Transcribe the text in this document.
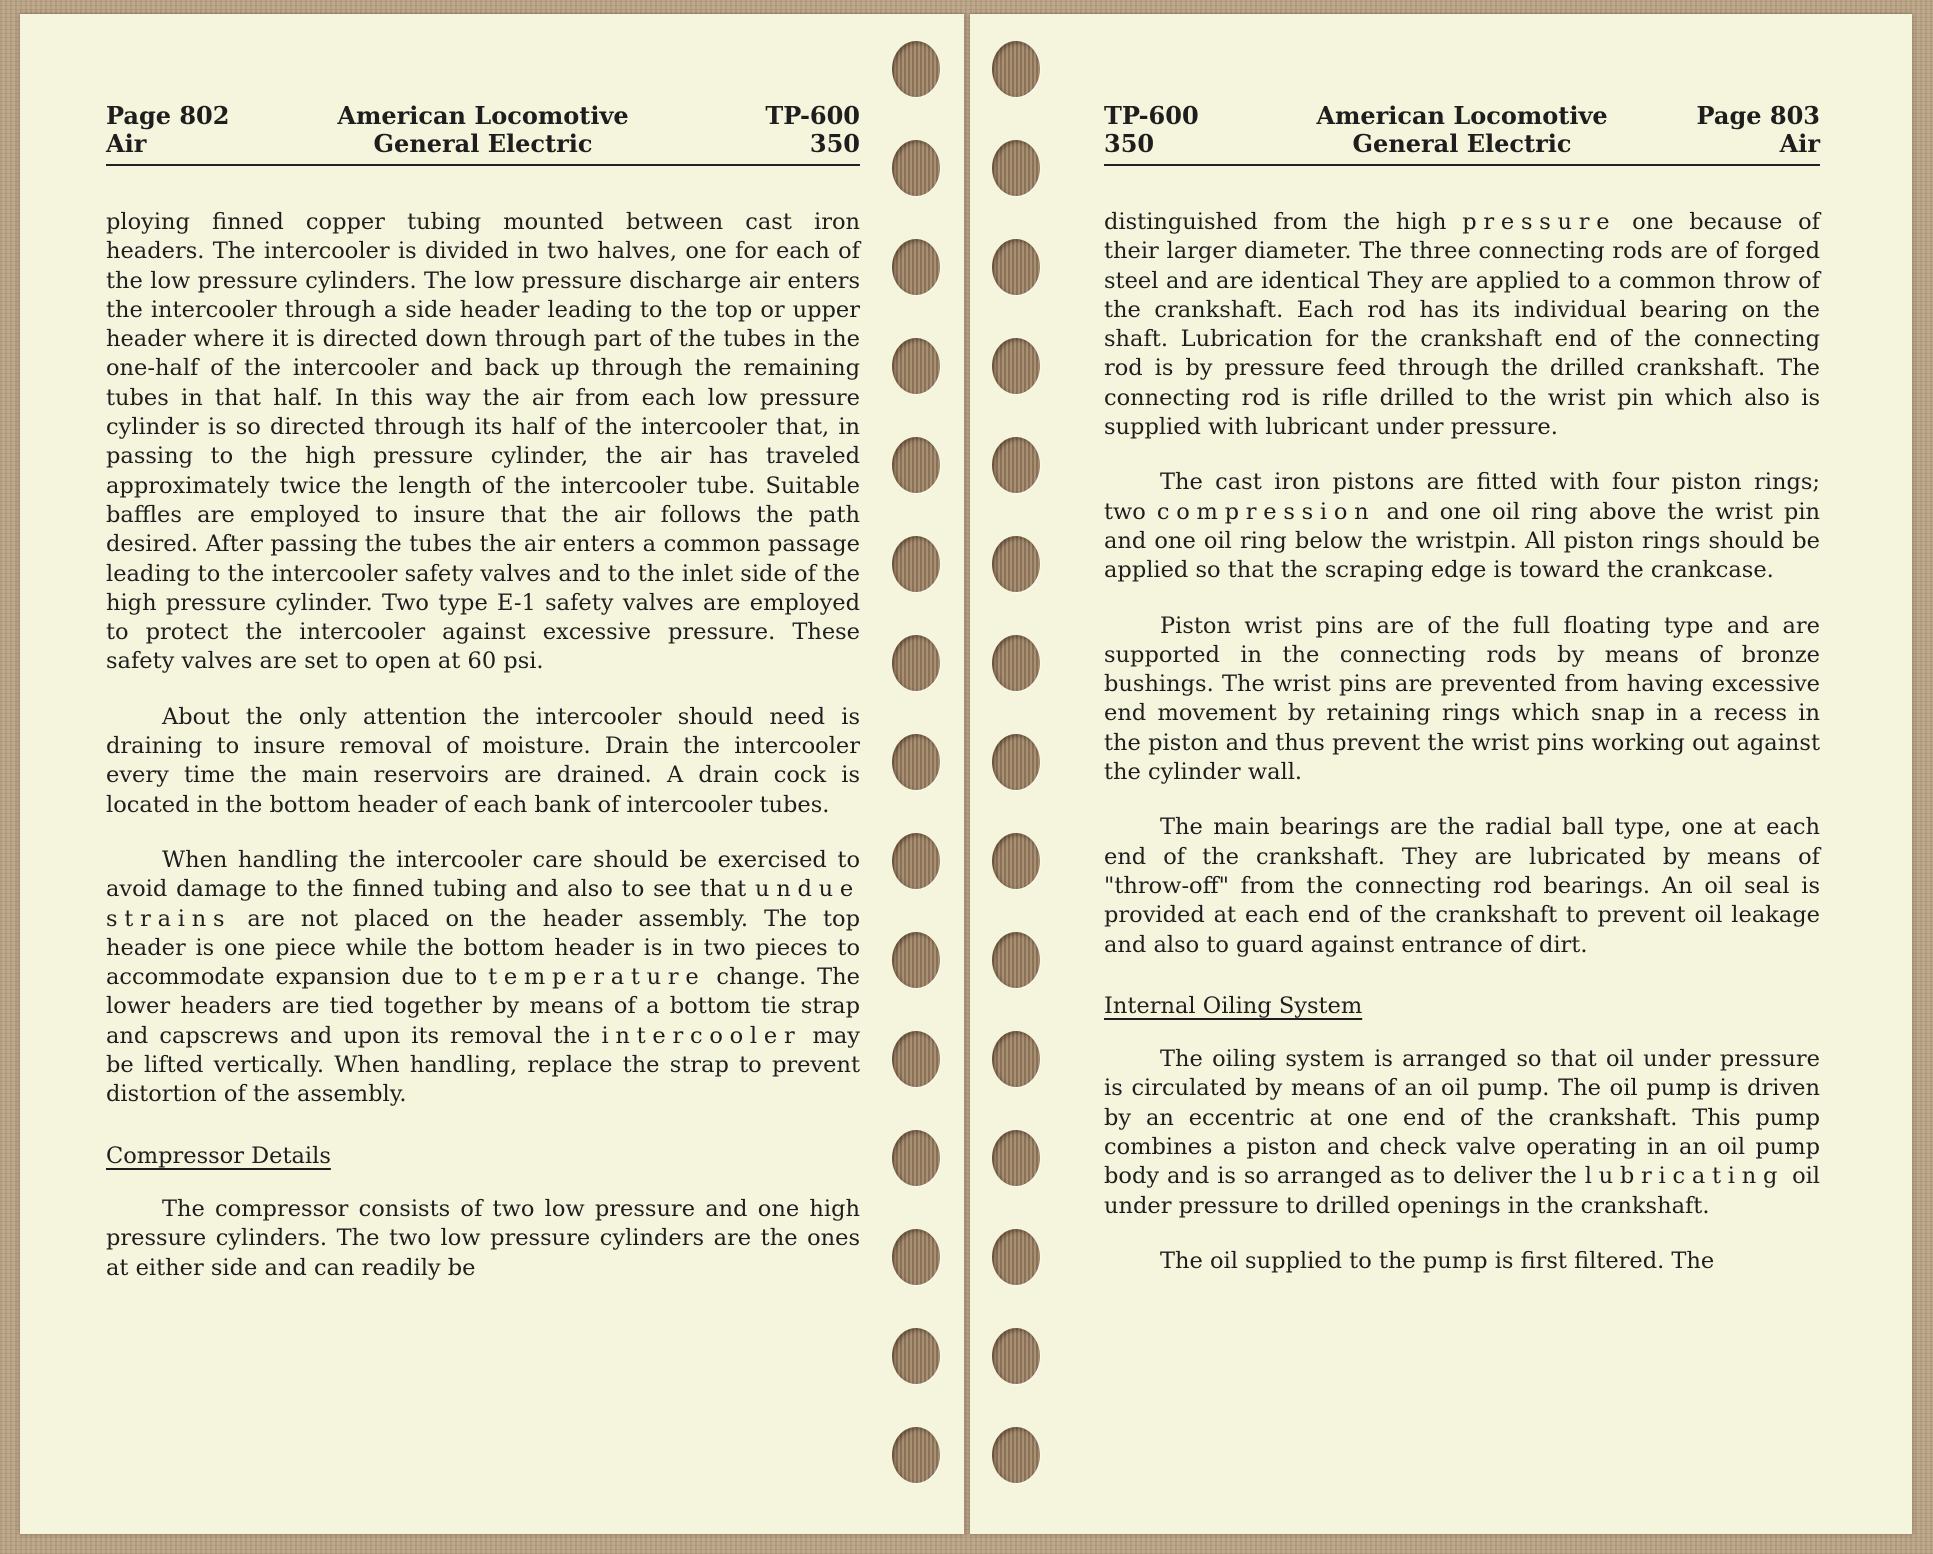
Page 802	American Locomotive	TP-600
Air	General Electric	350

ploying finned copper tubing mounted between cast iron headers. The intercooler is divided in two halves, one for each of the low pressure cylinders. The low pressure discharge air enters the intercooler through a side header leading to the top or upper header where it is directed down through part of the tubes in the one-half of the intercooler and back up through the remaining tubes in that half. In this way the air from each low pressure cylinder is so directed through its half of the intercooler that, in passing to the high pressure cylinder, the air has traveled approximately twice the length of the intercooler tube. Suitable baffles are employed to insure that the air follows the path desired. After passing the tubes the air enters a common passage leading to the intercooler safety valves and to the inlet side of the high pressure cylinder. Two type E-1 safety valves are employed to protect the intercooler against excessive pressure. These safety valves are set to open at 60 psi.

About the only attention the intercooler should need is draining to insure removal of moisture. Drain the intercooler every time the main reservoirs are drained. A drain cock is located in the bottom header of each bank of intercooler tubes.

When handling the intercooler care should be exercised to avoid damage to the finned tubing and also to see that undue strains are not placed on the header assembly. The top header is one piece while the bottom header is in two pieces to accommodate expansion due to temperature change. The lower headers are tied together by means of a bottom tie strap and capscrews and upon its removal the intercooler may be lifted vertically. When handling, replace the strap to prevent distortion of the assembly.

Compressor Details

The compressor consists of two low pressure and one high pressure cylinders. The two low pressure cylinders are the ones at either side and can readily be

TP-600	American Locomotive	Page 803
350	General Electric	Air

distinguished from the high pressure one because of their larger diameter. The three connecting rods are of forged steel and are identical They are applied to a common throw of the crankshaft. Each rod has its individual bearing on the shaft. Lubrication for the crankshaft end of the connecting rod is by pressure feed through the drilled crankshaft. The connecting rod is rifle drilled to the wrist pin which also is supplied with lubricant under pressure.

The cast iron pistons are fitted with four piston rings; two compression and one oil ring above the wrist pin and one oil ring below the wristpin. All piston rings should be applied so that the scraping edge is toward the crankcase.

Piston wrist pins are of the full floating type and are supported in the connecting rods by means of bronze bushings. The wrist pins are prevented from having excessive end movement by retaining rings which snap in a recess in the piston and thus prevent the wrist pins working out against the cylinder wall.

The main bearings are the radial ball type, one at each end of the crankshaft. They are lubricated by means of "throw-off" from the connecting rod bearings. An oil seal is provided at each end of the crankshaft to prevent oil leakage and also to guard against entrance of dirt.

Internal Oiling System

The oiling system is arranged so that oil under pressure is circulated by means of an oil pump. The oil pump is driven by an eccentric at one end of the crankshaft. This pump combines a piston and check valve operating in an oil pump body and is so arranged as to deliver the lubricating oil under pressure to drilled openings in the crankshaft.

The oil supplied to the pump is first filtered. The
